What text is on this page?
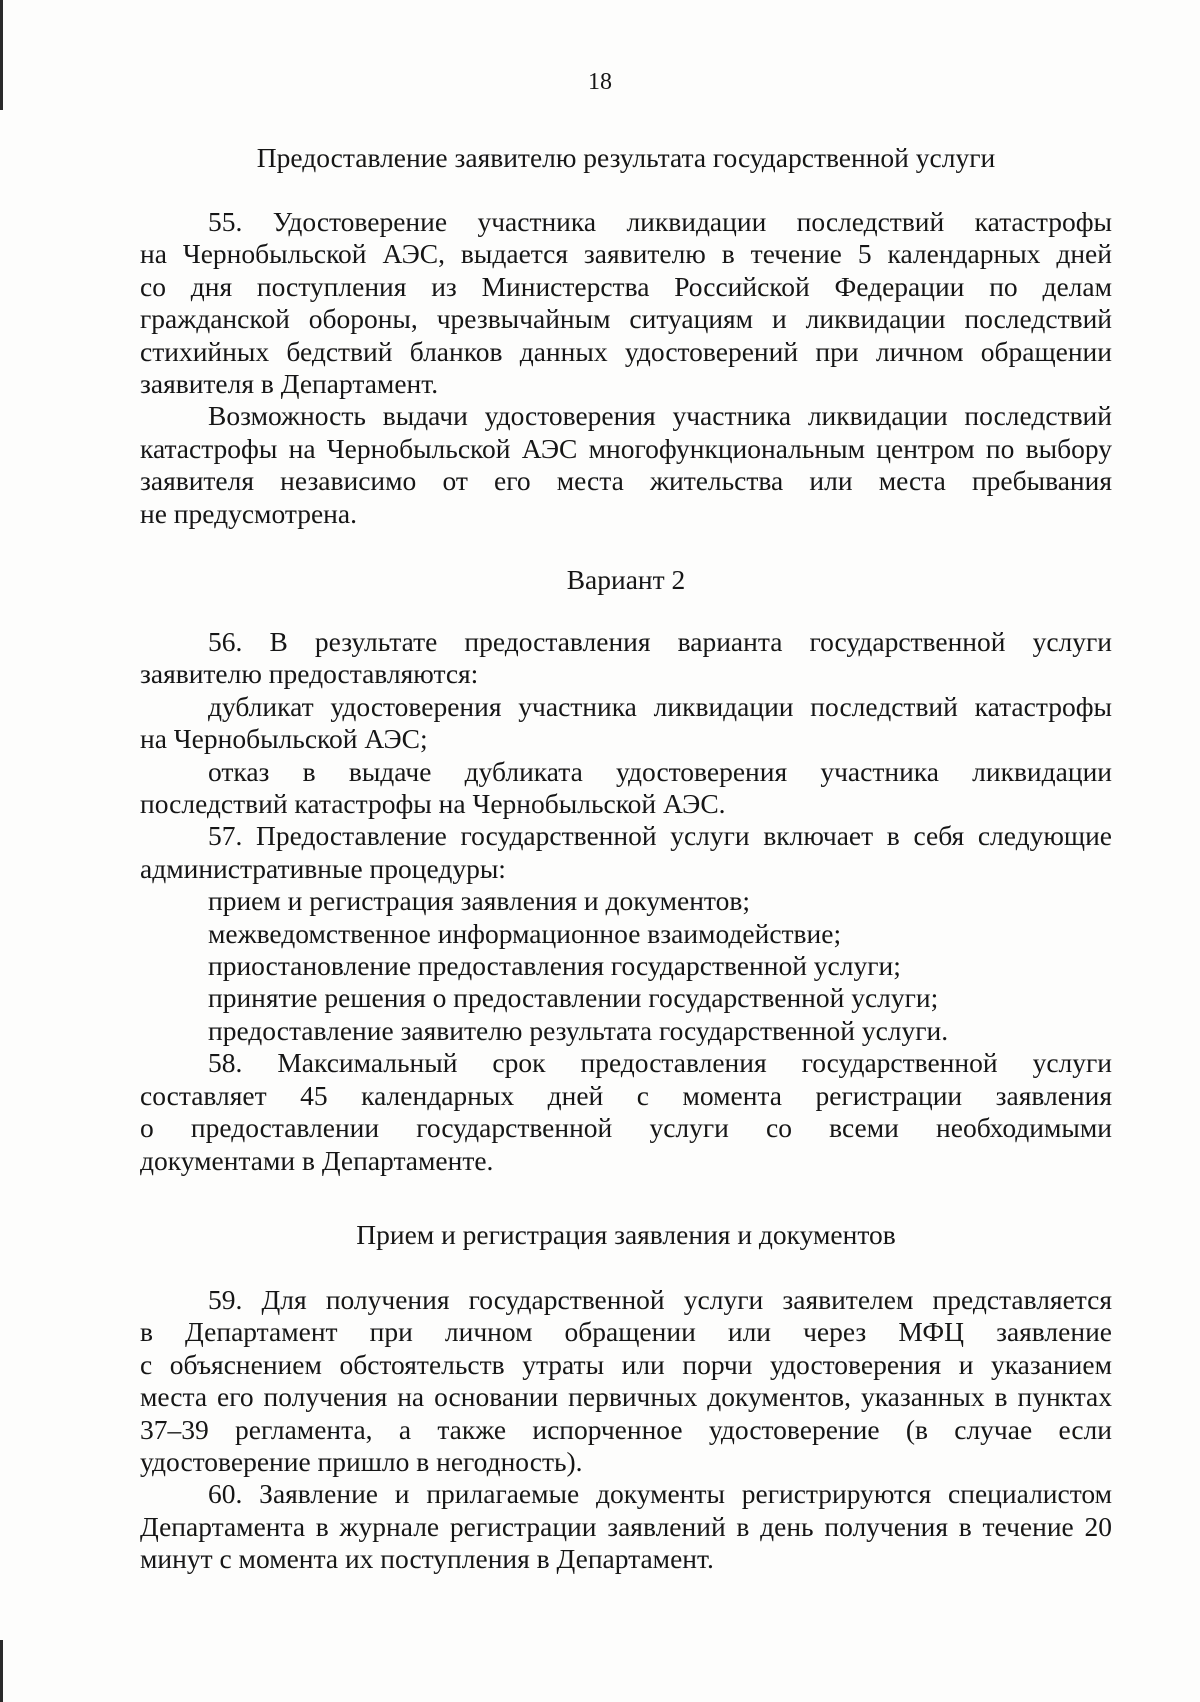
18
Предоставление заявителю результата государственной услуги
55. Удостоверение участника ликвидации последствий катастрофы
на Чернобыльской АЭС, выдается заявителю в течение 5 календарных дней
со дня поступления из Министерства Российской Федерации по делам
гражданской обороны, чрезвычайным ситуациям и ликвидации последствий
стихийных бедствий бланков данных удостоверений при личном обращении
заявителя в Департамент.
Возможность выдачи удостоверения участника ликвидации последствий
катастрофы на Чернобыльской АЭС многофункциональным центром по выбору
заявителя независимо от его места жительства или места пребывания
не предусмотрена.
Вариант 2
56. В результате предоставления варианта государственной услуги
заявителю предоставляются:
дубликат удостоверения участника ликвидации последствий катастрофы
на Чернобыльской АЭС;
отказ в выдаче дубликата удостоверения участника ликвидации
последствий катастрофы на Чернобыльской АЭС.
57. Предоставление государственной услуги включает в себя следующие
административные процедуры:
прием и регистрация заявления и документов;
межведомственное информационное взаимодействие;
приостановление предоставления государственной услуги;
принятие решения о предоставлении государственной услуги;
предоставление заявителю результата государственной услуги.
58. Максимальный срок предоставления государственной услуги
составляет 45 календарных дней с момента регистрации заявления
о предоставлении государственной услуги со всеми необходимыми
документами в Департаменте.
Прием и регистрация заявления и документов
59. Для получения государственной услуги заявителем представляется
в Департамент при личном обращении или через МФЦ заявление
с объяснением обстоятельств утраты или порчи удостоверения и указанием
места его получения на основании первичных документов, указанных в пунктах
37–39 регламента, а также испорченное удостоверение (в случае если
удостоверение пришло в негодность).
60. Заявление и прилагаемые документы регистрируются специалистом
Департамента в журнале регистрации заявлений в день получения в течение 20
минут с момента их поступления в Департамент.
